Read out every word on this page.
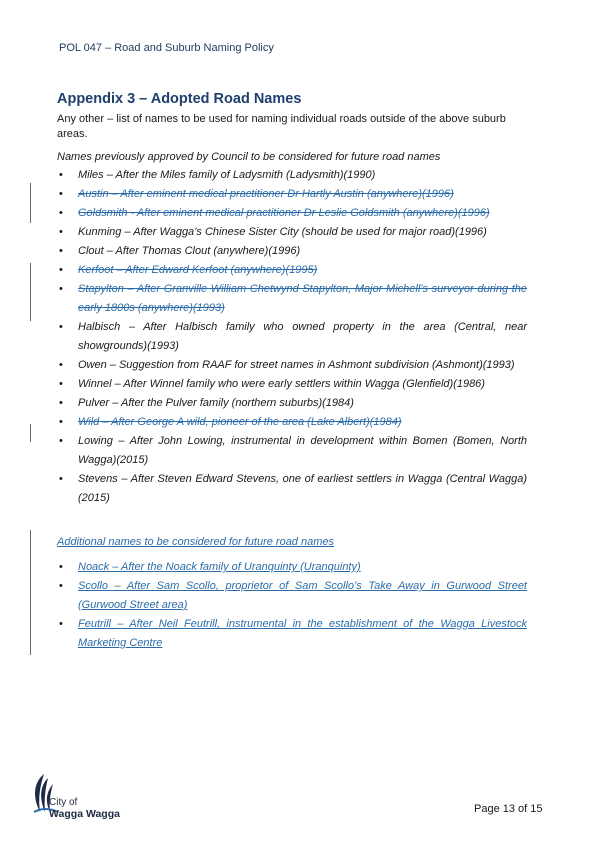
POL 047 – Road and Suburb Naming Policy
Appendix 3 – Adopted Road Names
Any other – list of names to be used for naming individual roads outside of the above suburb areas.
Names previously approved by Council to be considered for future road names
• Miles – After the Miles family of Ladysmith (Ladysmith)(1990)
• Austin – After eminent medical practitioner Dr Hartly Austin (anywhere)(1996)
• Goldsmith - After eminent medical practitioner Dr Leslie Goldsmith (anywhere)(1996)
• Kunming – After Wagga’s Chinese Sister City (should be used for major road)(1996)
• Clout – After Thomas Clout (anywhere)(1996)
• Kerfoot – After Edward Kerfoot (anywhere)(1995)
• Stapylton – After Granville William Chetwynd Stapylton, Major Michell’s surveyor during the early 1800s (anywhere)(1993)
• Halbisch – After Halbisch family who owned property in the area (Central, near showgrounds)(1993)
• Owen – Suggestion from RAAF for street names in Ashmont subdivision (Ashmont)(1993)
• Winnel – After Winnel family who were early settlers within Wagga (Glenfield)(1986)
• Pulver – After the Pulver family (northern suburbs)(1984)
• Wild – After George A wild, pioneer of the area (Lake Albert)(1984)
• Lowing – After John Lowing, instrumental in development within Bomen (Bomen, North Wagga)(2015)
• Stevens – After Steven Edward Stevens, one of earliest settlers in Wagga (Central Wagga)(2015)
Additional names to be considered for future road names
• Noack – After the Noack family of Uranquinty (Uranquinty)
• Scollo – After Sam Scollo, proprietor of Sam Scollo’s Take Away in Gurwood Street (Gurwood Street area)
• Feutrill – After Neil Feutrill, instrumental in the establishment of the Wagga Livestock Marketing Centre
City of
Wagga Wagga	Page 13 of 15
